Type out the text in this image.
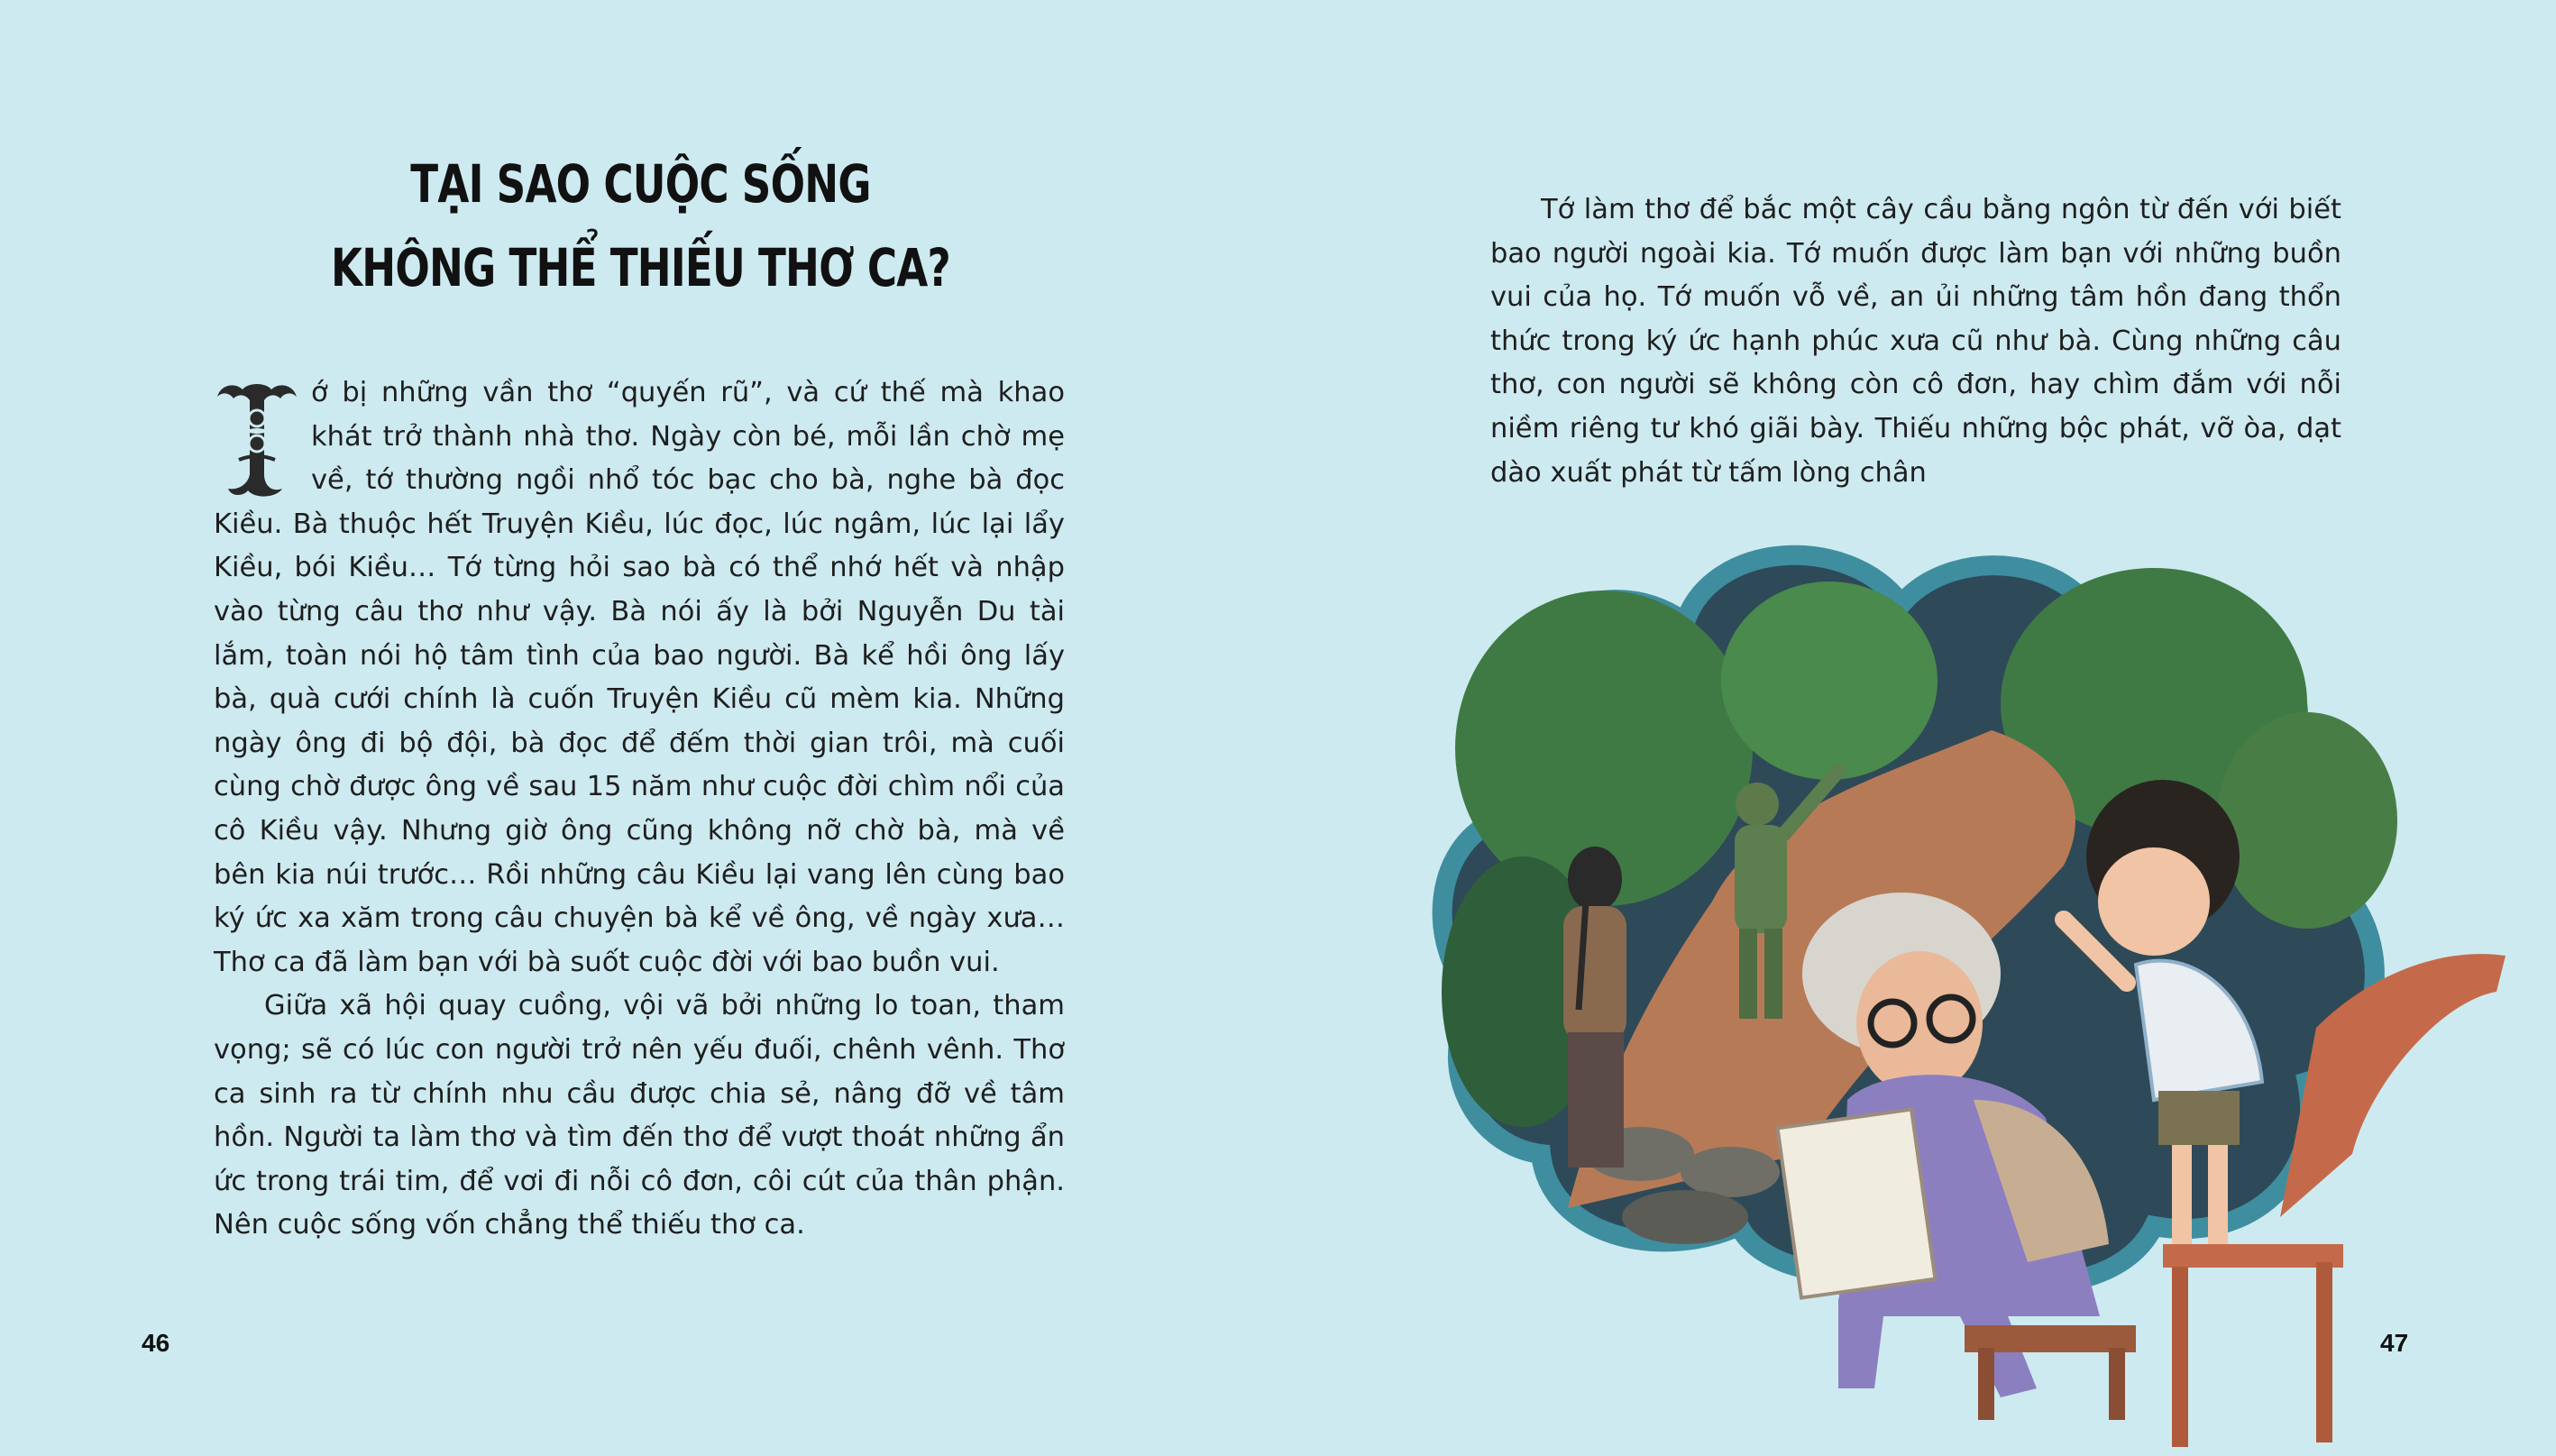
TẠI SAO CUỘC SỐNG
KHÔNG THỂ THIẾU THƠ CA?

ớ bị những vần thơ “quyến rũ”, và cứ thế mà khao khát trở thành nhà thơ. Ngày còn bé, mỗi lần chờ mẹ về, tớ thường ngồi nhổ tóc bạc cho bà, nghe bà đọc Kiều. Bà thuộc hết Truyện Kiều, lúc đọc, lúc ngâm, lúc lại lẩy Kiều, bói Kiều… Tớ từng hỏi sao bà có thể nhớ hết và nhập vào từng câu thơ như vậy. Bà nói ấy là bởi Nguyễn Du tài lắm, toàn nói hộ tâm tình của bao người. Bà kể hồi ông lấy bà, quà cưới chính là cuốn Truyện Kiều cũ mèm kia. Những ngày ông đi bộ đội, bà đọc để đếm thời gian trôi, mà cuối cùng chờ được ông về sau 15 năm như cuộc đời chìm nổi của cô Kiều vậy. Nhưng giờ ông cũng không nỡ chờ bà, mà về bên kia núi trước… Rồi những câu Kiều lại vang lên cùng bao ký ức xa xăm trong câu chuyện bà kể về ông, về ngày xưa… Thơ ca đã làm bạn với bà suốt cuộc đời với bao buồn vui.

Giữa xã hội quay cuồng, vội vã bởi những lo toan, tham vọng; sẽ có lúc con người trở nên yếu đuối, chênh vênh. Thơ ca sinh ra từ chính nhu cầu được chia sẻ, nâng đỡ về tâm hồn. Người ta làm thơ và tìm đến thơ để vượt thoát những ẩn ức trong trái tim, để vơi đi nỗi cô đơn, côi cút của thân phận. Nên cuộc sống vốn chẳng thể thiếu thơ ca.

46

Tớ làm thơ để bắc một cây cầu bằng ngôn từ đến với biết bao người ngoài kia. Tớ muốn được làm bạn với những buồn vui của họ. Tớ muốn vỗ về, an ủi những tâm hồn đang thổn thức trong ký ức hạnh phúc xưa cũ như bà. Cùng những câu thơ, con người sẽ không còn cô đơn, hay chìm đắm với nỗi niềm riêng tư khó giãi bày. Thiếu những bộc phát, vỡ òa, dạt dào xuất phát từ tấm lòng chân

47
